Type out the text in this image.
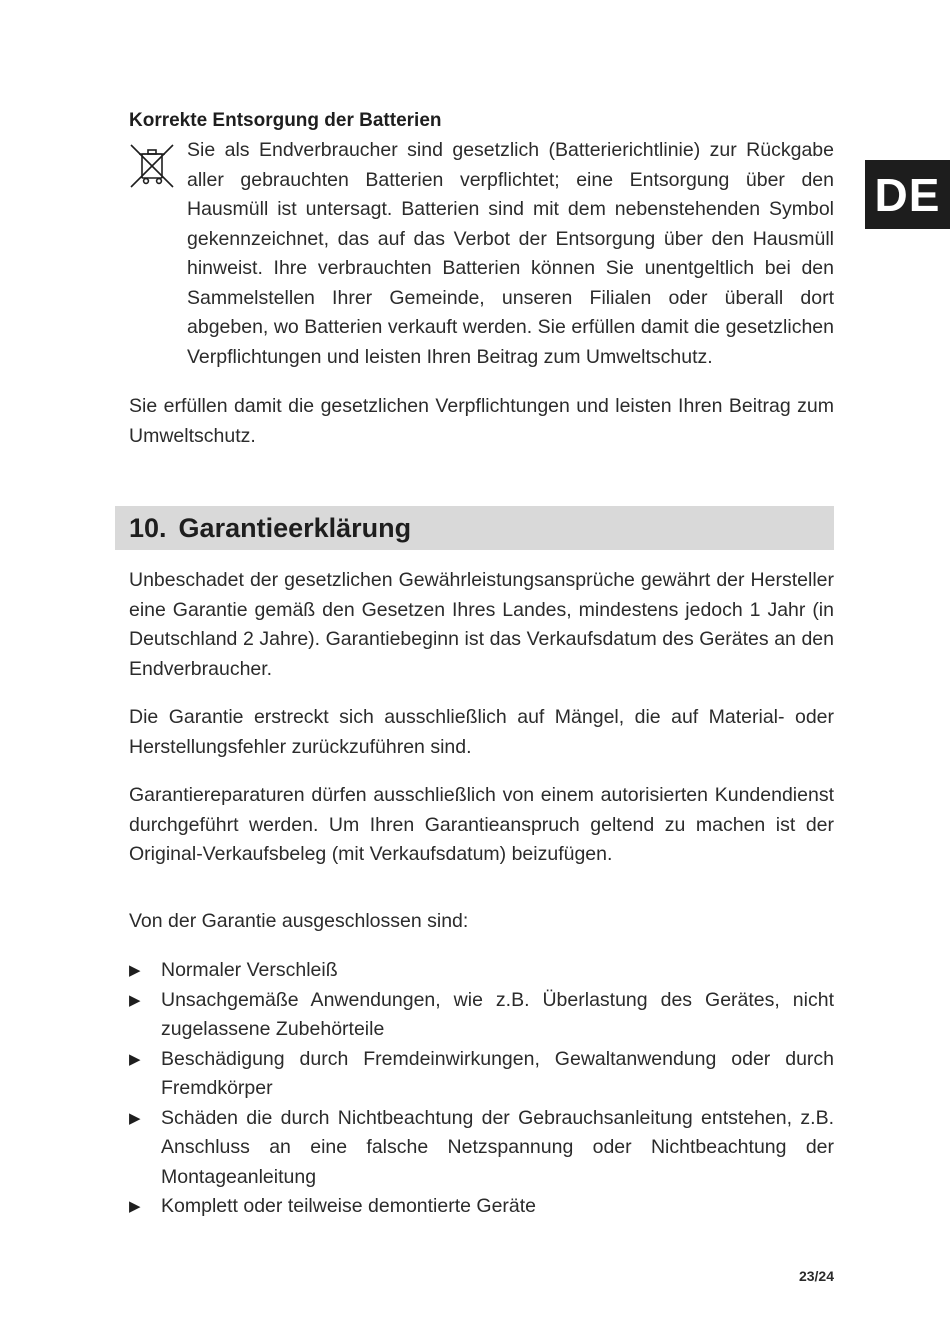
DE
Korrekte Entsorgung der Batterien

Sie als Endverbraucher sind gesetzlich (Batterierichtlinie) zur Rückgabe aller gebrauchten Batterien verpflichtet; eine Entsorgung über den Hausmüll ist untersagt. Batterien sind mit dem nebenstehenden Symbol gekennzeichnet, das auf das Verbot der Entsorgung über den Hausmüll hinweist. Ihre verbrauchten Batterien können Sie unentgeltlich bei den Sammelstellen Ihrer Gemeinde, unseren Filialen oder überall dort abgeben, wo Batterien verkauft werden. Sie erfüllen damit die gesetzlichen Verpflichtungen und leisten Ihren Beitrag zum Umweltschutz.

Sie erfüllen damit die gesetzlichen Verpflichtungen und leisten Ihren Beitrag zum Umweltschutz.

10. Garantieerklärung

Unbeschadet der gesetzlichen Gewährleistungsansprüche gewährt der Hersteller eine Garantie gemäß den Gesetzen Ihres Landes, mindestens jedoch 1 Jahr (in Deutschland 2 Jahre). Garantiebeginn ist das Verkaufsdatum des Gerätes an den Endverbraucher.

Die Garantie erstreckt sich ausschließlich auf Mängel, die auf Material- oder Herstellungsfehler zurückzuführen sind.

Garantiereparaturen dürfen ausschließlich von einem autorisierten Kundendienst durchgeführt werden. Um Ihren Garantieanspruch geltend zu machen ist der Original-Verkaufsbeleg (mit Verkaufsdatum) beizufügen.

Von der Garantie ausgeschlossen sind:

▶	Normaler Verschleiß
▶	Unsachgemäße Anwendungen, wie z.B. Überlastung des Gerätes, nicht zugelassene Zubehörteile
▶	Beschädigung durch Fremdeinwirkungen, Gewaltanwendung oder durch Fremdkörper
▶	Schäden die durch Nichtbeachtung der Gebrauchsanleitung entstehen, z.B. Anschluss an eine falsche Netzspannung oder Nichtbeachtung der Montageanleitung
▶	Komplett oder teilweise demontierte Geräte
23/24
